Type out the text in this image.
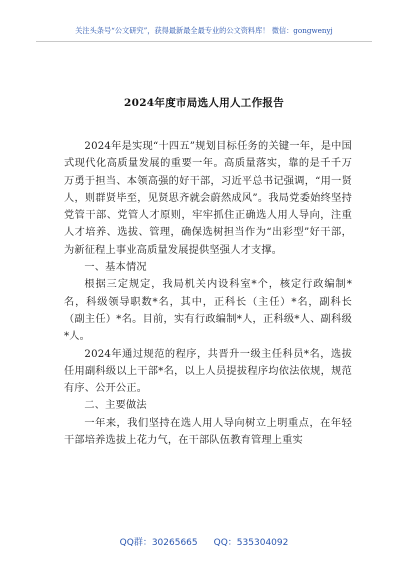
关注头条号“公文研究”，获得最新最全最专业的公文资料库！ 微信：gongwenyj
2024年度市局选人用人工作报告

2024年是实现“十四五”规划目标任务的关键一年，是中国式现代化高质量发展的重要一年。高质量落实，靠的是千千万万勇于担当、本领高强的好干部，习近平总书记强调，“用一贤人，则群贤毕至，见贤思齐就会蔚然成风”。我局党委始终坚持党管干部、党管人才原则，牢牢抓住正确选人用人导向，注重人才培养、选拔、管理，确保选树担当作为“出彩型”好干部，为新征程上事业高质量发展提供坚强人才支撑。

一、基本情况

根据三定规定，我局机关内设科室*个，核定行政编制*名，科级领导职数*名，其中，正科长（主任）*名，副科长（副主任）*名。目前，实有行政编制*人，正科级*人、副科级*人。

2024年通过规范的程序，共晋升一级主任科员*名，选拔任用副科级以上干部*名，以上人员提拔程序均依法依规，规范有序、公开公正。

二、主要做法

一年来，我们坚持在选人用人导向树立上明重点，在年轻干部培养选拔上花力气，在干部队伍教育管理上重实

QQ群：30265665 QQ：535304092
